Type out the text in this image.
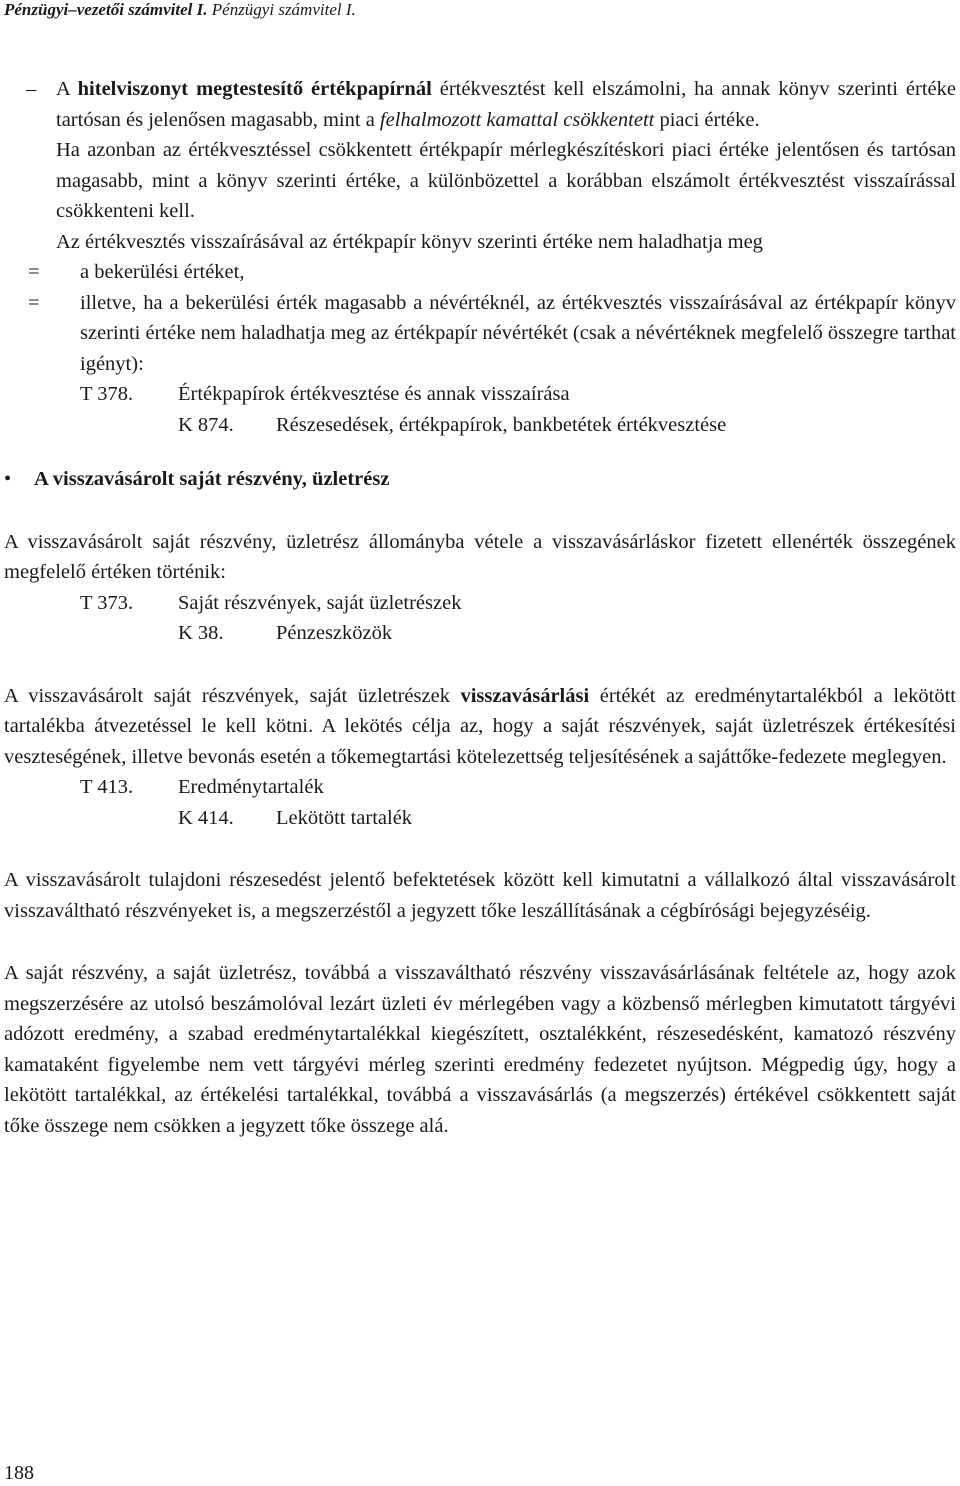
Pénzügyi–vezetői számvitel I. Pénzügyi számvitel I.

– A hitelviszonyt megtestesítő értékpapírnál értékvesztést kell elszámolni, ha annak könyv szerinti értéke tartósan és jelenősen magasabb, mint a felhalmozott kamattal csökkentett piaci értéke.

Ha azonban az értékvesztéssel csökkentett értékpapír mérlegkészítéskori piaci értéke jelentősen és tartósan magasabb, mint a könyv szerinti értéke, a különbözettel a korábban elszámolt értékvesztést visszaírással csökkenteni kell.

Az értékvesztés visszaírásával az értékpapír könyv szerinti értéke nem haladhatja meg

= a bekerülési értéket,

= illetve, ha a bekerülési érték magasabb a névértéknél, az értékvesztés visszaírásával az értékpapír könyv szerinti értéke nem haladhatja meg az értékpapír névértékét (csak a névértéknek megfelelő összegre tarthat igényt):

T 378.	Értékpapírok értékvesztése és annak visszaírása
K 874.	Részesedések, értékpapírok, bankbetétek értékvesztése
•	A visszavásárolt saját részvény, üzletrész

A visszavásárolt saját részvény, üzletrész állományba vétele a visszavásárláskor fizetett ellenérték összegének megfelelő értéken történik:

T 373.	Saját részvények, saját üzletrészek
K 38.	Pénzeszközök

A visszavásárolt saját részvények, saját üzletrészek visszavásárlási értékét az eredménytartalékból a lekötött tartalékba átvezetéssel le kell kötni. A lekötés célja az, hogy a saját részvények, saját üzletrészek értékesítési veszteségének, illetve bevonás esetén a tőkemegtartási kötelezettség teljesítésének a sajáttőke-fedezete meglegyen.

T 413.	Eredménytartalék
K 414.	Lekötött tartalék

A visszavásárolt tulajdoni részesedést jelentő befektetések között kell kimutatni a vállalkozó által visszavásárolt visszaváltható részvényeket is, a megszerzéstől a jegyzett tőke leszállításának a cégbírósági bejegyzéséig.

A saját részvény, a saját üzletrész, továbbá a visszaváltható részvény visszavásárlásának feltétele az, hogy azok megszerzésére az utolsó beszámolóval lezárt üzleti év mérlegében vagy a közbenső mérlegben kimutatott tárgyévi adózott eredmény, a szabad eredménytartalékkal kiegészített, osztalékként, részesedésként, kamatozó részvény kamataként figyelembe nem vett tárgyévi mérleg szerinti eredmény fedezetet nyújtson. Mégpedig úgy, hogy a lekötött tartalékkal, az értékelési tartalékkal, továbbá a visszavásárlás (a megszerzés) értékével csökkentett saját tőke összege nem csökken a jegyzett tőke összege alá.

188
